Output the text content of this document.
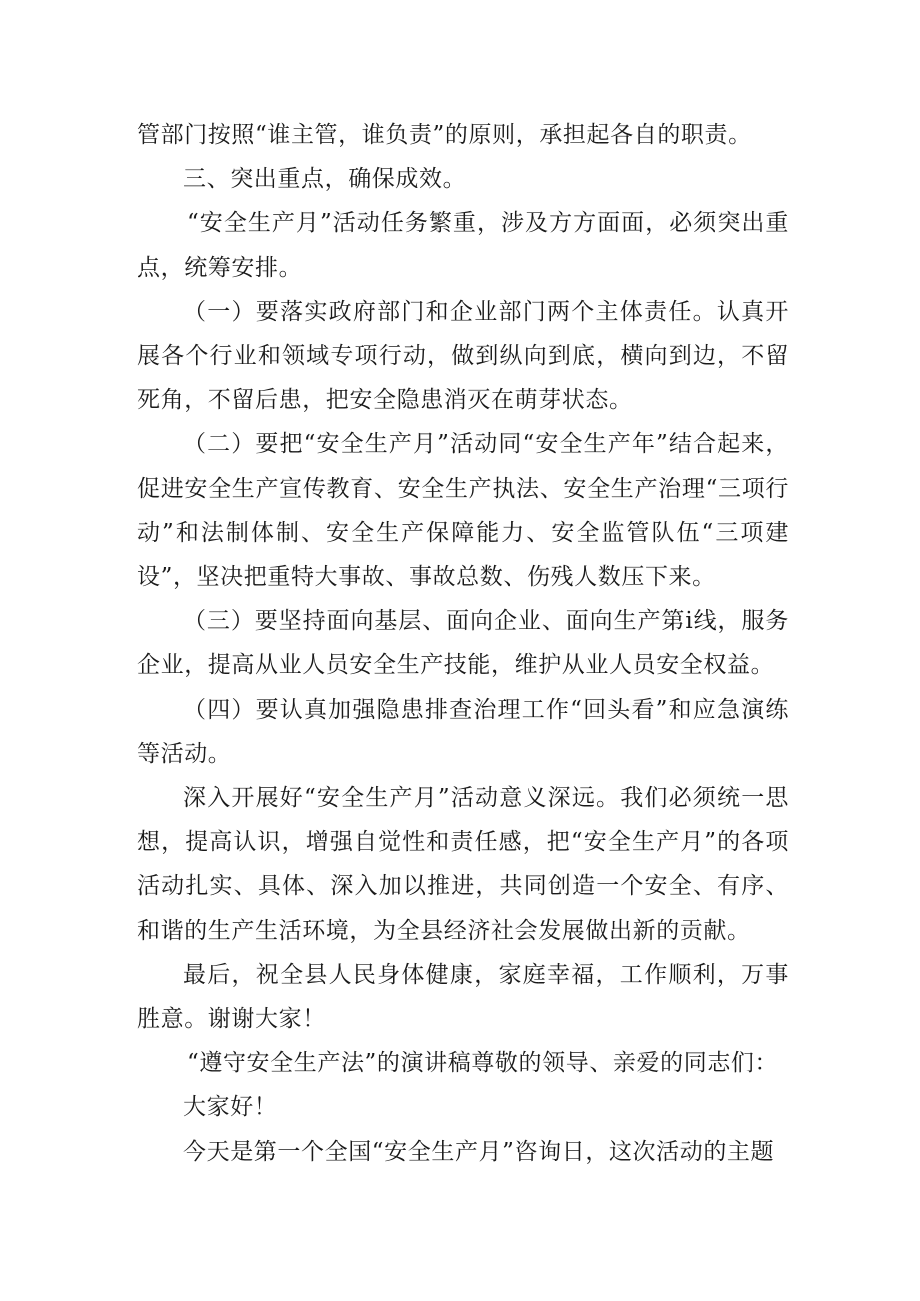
管部门按照“谁主管，谁负责”的原则，承担起各自的职责。

三、突出重点，确保成效。

“安全生产月”活动任务繁重，涉及方方面面，必须突出重点，统筹安排。

（一）要落实政府部门和企业部门两个主体责任。认真开展各个行业和领域专项行动，做到纵向到底，横向到边，不留死角，不留后患，把安全隐患消灭在萌芽状态。

（二）要把“安全生产月”活动同“安全生产年”结合起来，促进安全生产宣传教育、安全生产执法、安全生产治理“三项行动”和法制体制、安全生产保障能力、安全监管队伍“三项建设”，坚决把重特大事故、事故总数、伤残人数压下来。

（三）要坚持面向基层、面向企业、面向生产第i线，服务企业，提高从业人员安全生产技能，维护从业人员安全权益。

（四）要认真加强隐患排查治理工作“回头看”和应急演练等活动。

深入开展好“安全生产月”活动意义深远。我们必须统一思想，提高认识，增强自觉性和责任感，把“安全生产月”的各项活动扎实、具体、深入加以推进，共同创造一个安全、有序、和谐的生产生活环境，为全县经济社会发展做出新的贡献。

最后，祝全县人民身体健康，家庭幸福，工作顺利，万事胜意。谢谢大家！

“遵守安全生产法”的演讲稿尊敬的领导、亲爱的同志们：

大家好！

今天是第一个全国“安全生产月”咨询日，这次活动的主题
